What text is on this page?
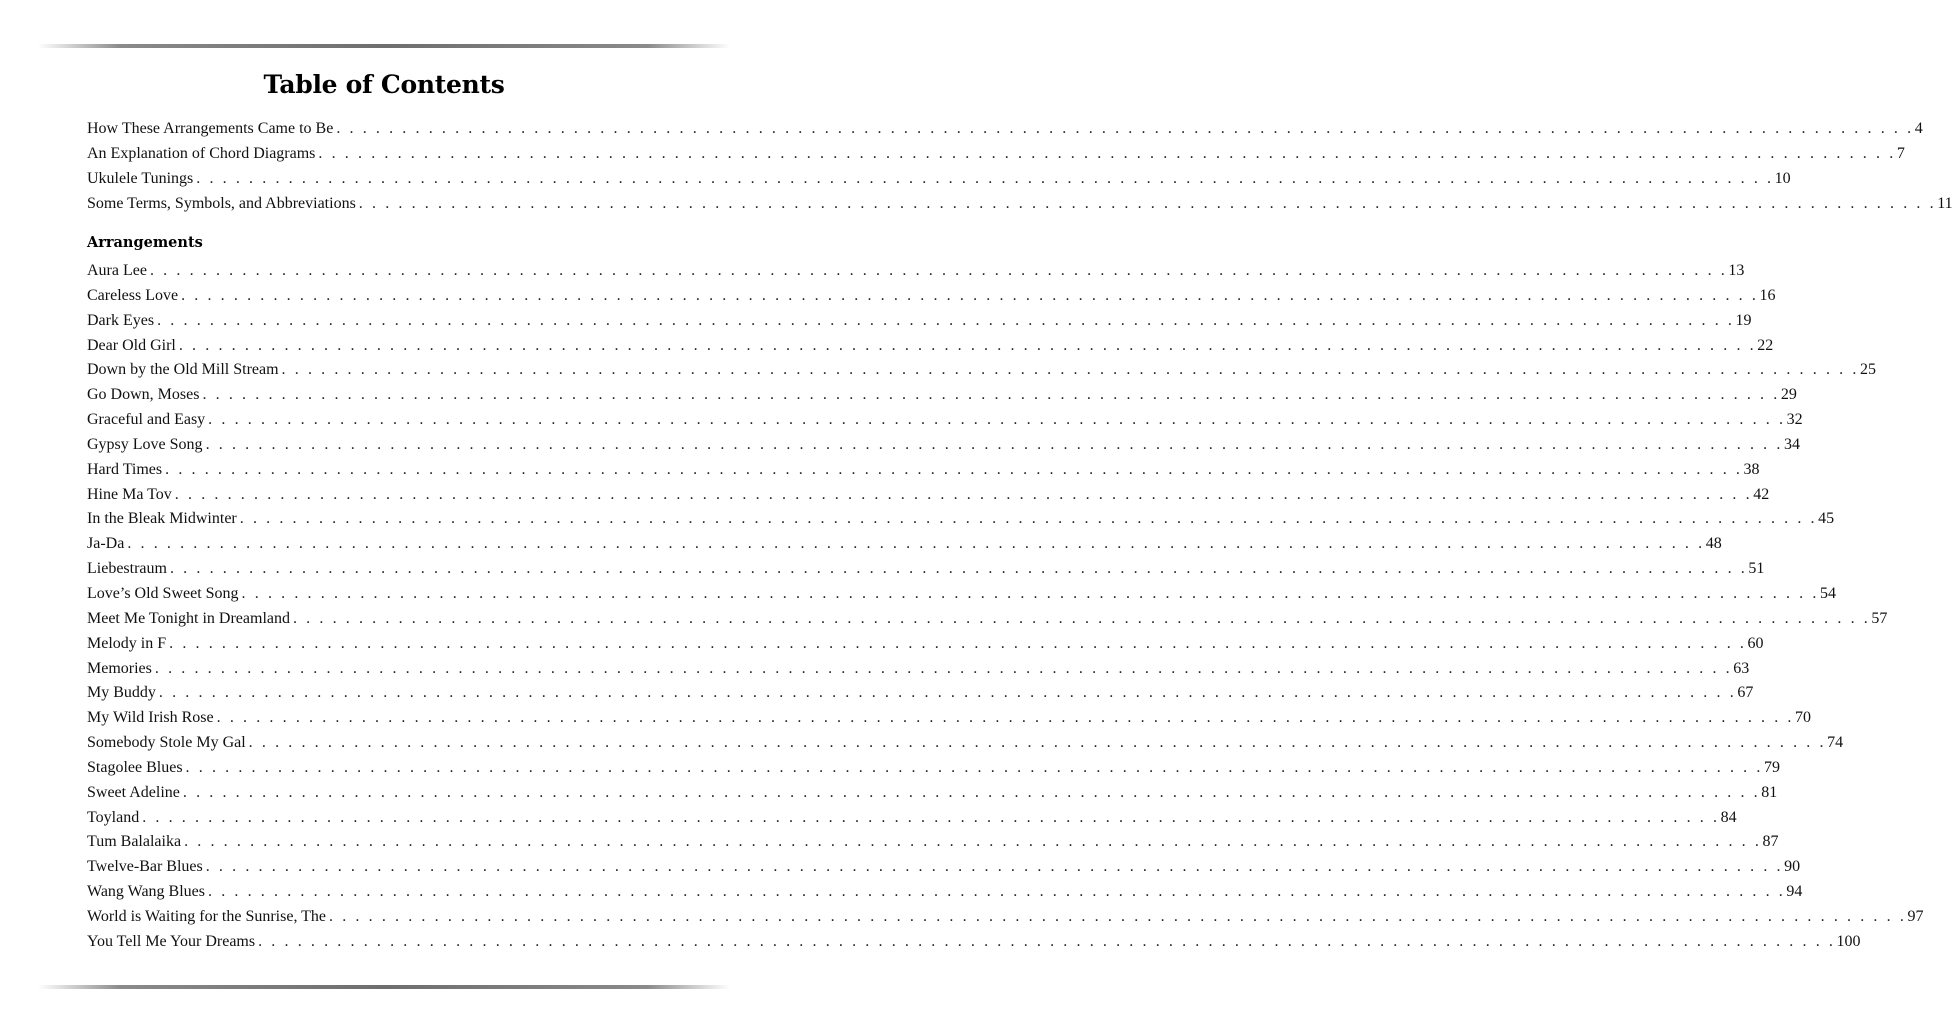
Table of Contents
How These Arrangements Came to Be . . . . . . . . . . . . . . . . . . . . . . . . . . . . . . . . . . . . . . . . . . . . . . . . . . . . . . . . . . . . . . . . . . . . . . . . . . . . . . . . . . . . . . . . . . . . . . . . . . . . . . . . . . . . . . . . . . . . . . . . 4
An Explanation of Chord Diagrams . . . . . . . . . . . . . . . . . . . . . . . . . . . . . . . . . . . . . . . . . . . . . . . . . . . . . . . . . . . . . . . . . . . . . . . . . . . . . . . . . . . . . . . . . . . . . . . . . . . . . . . . . . . . . . . . . . . . . . . . 7
Ukulele Tunings . . . . . . . . . . . . . . . . . . . . . . . . . . . . . . . . . . . . . . . . . . . . . . . . . . . . . . . . . . . . . . . . . . . . . . . . . . . . . . . . . . . . . . . . . . . . . . . . . . . . . . . . . . . . . . . . . . . . . . . . 10
Some Terms, Symbols, and Abbreviations . . . . . . . . . . . . . . . . . . . . . . . . . . . . . . . . . . . . . . . . . . . . . . . . . . . . . . . . . . . . . . . . . . . . . . . . . . . . . . . . . . . . . . . . . . . . . . . . . . . . . . . . . . . . . . . . . . . . . . . . 11
Arrangements
Aura Lee . . . . . . . . . . . . . . . . . . . . . . . . . . . . . . . . . . . . . . . . . . . . . . . . . . . . . . . . . . . . . . . . . . . . . . . . . . . . . . . . . . . . . . . . . . . . . . . . . . . . . . . . . . . . . . . . . . . . . . . . 13
Careless Love . . . . . . . . . . . . . . . . . . . . . . . . . . . . . . . . . . . . . . . . . . . . . . . . . . . . . . . . . . . . . . . . . . . . . . . . . . . . . . . . . . . . . . . . . . . . . . . . . . . . . . . . . . . . . . . . . . . . . . . . 16
Dark Eyes . . . . . . . . . . . . . . . . . . . . . . . . . . . . . . . . . . . . . . . . . . . . . . . . . . . . . . . . . . . . . . . . . . . . . . . . . . . . . . . . . . . . . . . . . . . . . . . . . . . . . . . . . . . . . . . . . . . . . . . . 19
Dear Old Girl . . . . . . . . . . . . . . . . . . . . . . . . . . . . . . . . . . . . . . . . . . . . . . . . . . . . . . . . . . . . . . . . . . . . . . . . . . . . . . . . . . . . . . . . . . . . . . . . . . . . . . . . . . . . . . . . . . . . . . . . 22
Down by the Old Mill Stream . . . . . . . . . . . . . . . . . . . . . . . . . . . . . . . . . . . . . . . . . . . . . . . . . . . . . . . . . . . . . . . . . . . . . . . . . . . . . . . . . . . . . . . . . . . . . . . . . . . . . . . . . . . . . . . . . . . . . . . . 25
Go Down, Moses . . . . . . . . . . . . . . . . . . . . . . . . . . . . . . . . . . . . . . . . . . . . . . . . . . . . . . . . . . . . . . . . . . . . . . . . . . . . . . . . . . . . . . . . . . . . . . . . . . . . . . . . . . . . . . . . . . . . . . . . 29
Graceful and Easy . . . . . . . . . . . . . . . . . . . . . . . . . . . . . . . . . . . . . . . . . . . . . . . . . . . . . . . . . . . . . . . . . . . . . . . . . . . . . . . . . . . . . . . . . . . . . . . . . . . . . . . . . . . . . . . . . . . . . . . . 32
Gypsy Love Song . . . . . . . . . . . . . . . . . . . . . . . . . . . . . . . . . . . . . . . . . . . . . . . . . . . . . . . . . . . . . . . . . . . . . . . . . . . . . . . . . . . . . . . . . . . . . . . . . . . . . . . . . . . . . . . . . . . . . . . . 34
Hard Times . . . . . . . . . . . . . . . . . . . . . . . . . . . . . . . . . . . . . . . . . . . . . . . . . . . . . . . . . . . . . . . . . . . . . . . . . . . . . . . . . . . . . . . . . . . . . . . . . . . . . . . . . . . . . . . . . . . . . . . . 38
Hine Ma Tov . . . . . . . . . . . . . . . . . . . . . . . . . . . . . . . . . . . . . . . . . . . . . . . . . . . . . . . . . . . . . . . . . . . . . . . . . . . . . . . . . . . . . . . . . . . . . . . . . . . . . . . . . . . . . . . . . . . . . . . . 42
In the Bleak Midwinter . . . . . . . . . . . . . . . . . . . . . . . . . . . . . . . . . . . . . . . . . . . . . . . . . . . . . . . . . . . . . . . . . . . . . . . . . . . . . . . . . . . . . . . . . . . . . . . . . . . . . . . . . . . . . . . . . . . . . . . . 45
Ja-Da . . . . . . . . . . . . . . . . . . . . . . . . . . . . . . . . . . . . . . . . . . . . . . . . . . . . . . . . . . . . . . . . . . . . . . . . . . . . . . . . . . . . . . . . . . . . . . . . . . . . . . . . . . . . . . . . . . . . . . . . 48
Liebestraum . . . . . . . . . . . . . . . . . . . . . . . . . . . . . . . . . . . . . . . . . . . . . . . . . . . . . . . . . . . . . . . . . . . . . . . . . . . . . . . . . . . . . . . . . . . . . . . . . . . . . . . . . . . . . . . . . . . . . . . . 51
Love’s Old Sweet Song . . . . . . . . . . . . . . . . . . . . . . . . . . . . . . . . . . . . . . . . . . . . . . . . . . . . . . . . . . . . . . . . . . . . . . . . . . . . . . . . . . . . . . . . . . . . . . . . . . . . . . . . . . . . . . . . . . . . . . . . 54
Meet Me Tonight in Dreamland . . . . . . . . . . . . . . . . . . . . . . . . . . . . . . . . . . . . . . . . . . . . . . . . . . . . . . . . . . . . . . . . . . . . . . . . . . . . . . . . . . . . . . . . . . . . . . . . . . . . . . . . . . . . . . . . . . . . . . . . 57
Melody in F . . . . . . . . . . . . . . . . . . . . . . . . . . . . . . . . . . . . . . . . . . . . . . . . . . . . . . . . . . . . . . . . . . . . . . . . . . . . . . . . . . . . . . . . . . . . . . . . . . . . . . . . . . . . . . . . . . . . . . . . 60
Memories . . . . . . . . . . . . . . . . . . . . . . . . . . . . . . . . . . . . . . . . . . . . . . . . . . . . . . . . . . . . . . . . . . . . . . . . . . . . . . . . . . . . . . . . . . . . . . . . . . . . . . . . . . . . . . . . . . . . . . . . 63
My Buddy . . . . . . . . . . . . . . . . . . . . . . . . . . . . . . . . . . . . . . . . . . . . . . . . . . . . . . . . . . . . . . . . . . . . . . . . . . . . . . . . . . . . . . . . . . . . . . . . . . . . . . . . . . . . . . . . . . . . . . . . 67
My Wild Irish Rose . . . . . . . . . . . . . . . . . . . . . . . . . . . . . . . . . . . . . . . . . . . . . . . . . . . . . . . . . . . . . . . . . . . . . . . . . . . . . . . . . . . . . . . . . . . . . . . . . . . . . . . . . . . . . . . . . . . . . . . . 70
Somebody Stole My Gal . . . . . . . . . . . . . . . . . . . . . . . . . . . . . . . . . . . . . . . . . . . . . . . . . . . . . . . . . . . . . . . . . . . . . . . . . . . . . . . . . . . . . . . . . . . . . . . . . . . . . . . . . . . . . . . . . . . . . . . . 74
Stagolee Blues . . . . . . . . . . . . . . . . . . . . . . . . . . . . . . . . . . . . . . . . . . . . . . . . . . . . . . . . . . . . . . . . . . . . . . . . . . . . . . . . . . . . . . . . . . . . . . . . . . . . . . . . . . . . . . . . . . . . . . . . 79
Sweet Adeline . . . . . . . . . . . . . . . . . . . . . . . . . . . . . . . . . . . . . . . . . . . . . . . . . . . . . . . . . . . . . . . . . . . . . . . . . . . . . . . . . . . . . . . . . . . . . . . . . . . . . . . . . . . . . . . . . . . . . . . . 81
Toyland . . . . . . . . . . . . . . . . . . . . . . . . . . . . . . . . . . . . . . . . . . . . . . . . . . . . . . . . . . . . . . . . . . . . . . . . . . . . . . . . . . . . . . . . . . . . . . . . . . . . . . . . . . . . . . . . . . . . . . . . 84
Tum Balalaika . . . . . . . . . . . . . . . . . . . . . . . . . . . . . . . . . . . . . . . . . . . . . . . . . . . . . . . . . . . . . . . . . . . . . . . . . . . . . . . . . . . . . . . . . . . . . . . . . . . . . . . . . . . . . . . . . . . . . . . . 87
Twelve-Bar Blues . . . . . . . . . . . . . . . . . . . . . . . . . . . . . . . . . . . . . . . . . . . . . . . . . . . . . . . . . . . . . . . . . . . . . . . . . . . . . . . . . . . . . . . . . . . . . . . . . . . . . . . . . . . . . . . . . . . . . . . . 90
Wang Wang Blues . . . . . . . . . . . . . . . . . . . . . . . . . . . . . . . . . . . . . . . . . . . . . . . . . . . . . . . . . . . . . . . . . . . . . . . . . . . . . . . . . . . . . . . . . . . . . . . . . . . . . . . . . . . . . . . . . . . . . . . . 94
World is Waiting for the Sunrise, The . . . . . . . . . . . . . . . . . . . . . . . . . . . . . . . . . . . . . . . . . . . . . . . . . . . . . . . . . . . . . . . . . . . . . . . . . . . . . . . . . . . . . . . . . . . . . . . . . . . . . . . . . . . . . . . . . . . . . . . . 97
You Tell Me Your Dreams . . . . . . . . . . . . . . . . . . . . . . . . . . . . . . . . . . . . . . . . . . . . . . . . . . . . . . . . . . . . . . . . . . . . . . . . . . . . . . . . . . . . . . . . . . . . . . . . . . . . . . . . . . . . . . . . . . . . . . . . 100
